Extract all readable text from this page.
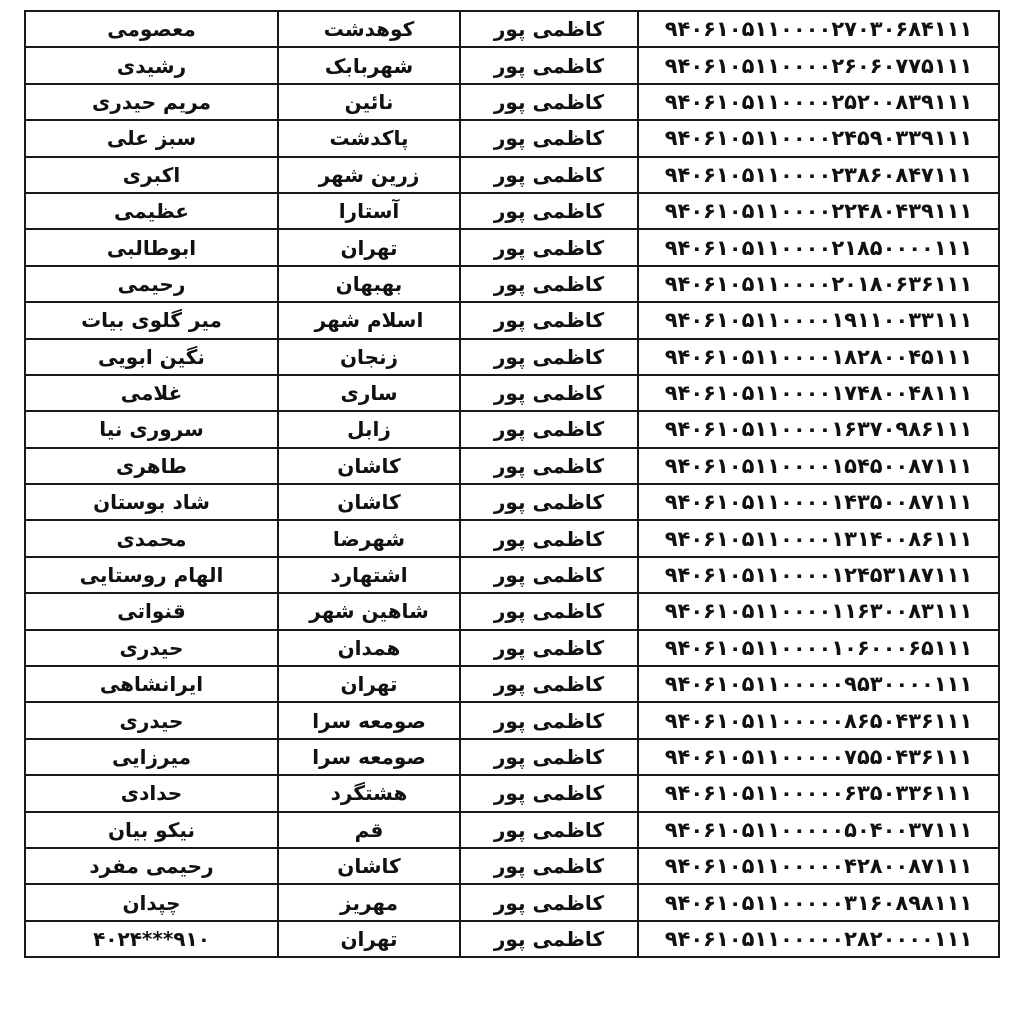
معصومی	کوهدشت	کاظمی پور	۹۴۰۶۱۰۵۱۱۰۰۰۰۲۷۰۳۰۶۸۴۱۱۱
رشیدی	شهربابک	کاظمی پور	۹۴۰۶۱۰۵۱۱۰۰۰۰۲۶۰۶۰۷۷۵۱۱۱
مریم حیدری	نائین	کاظمی پور	۹۴۰۶۱۰۵۱۱۰۰۰۰۲۵۲۰۰۸۳۹۱۱۱
سبز علی	پاکدشت	کاظمی پور	۹۴۰۶۱۰۵۱۱۰۰۰۰۲۴۵۹۰۳۳۹۱۱۱
اکبری	زرین شهر	کاظمی پور	۹۴۰۶۱۰۵۱۱۰۰۰۰۲۳۸۶۰۸۴۷۱۱۱
عظیمی	آستارا	کاظمی پور	۹۴۰۶۱۰۵۱۱۰۰۰۰۲۲۴۸۰۴۳۹۱۱۱
ابوطالبی	تهران	کاظمی پور	۹۴۰۶۱۰۵۱۱۰۰۰۰۲۱۸۵۰۰۰۰۱۱۱
رحیمی	بهبهان	کاظمی پور	۹۴۰۶۱۰۵۱۱۰۰۰۰۲۰۱۸۰۶۳۶۱۱۱
میر گلوی بیات	اسلام شهر	کاظمی پور	۹۴۰۶۱۰۵۱۱۰۰۰۰۱۹۱۱۰۰۳۳۱۱۱
نگین ابویی	زنجان	کاظمی پور	۹۴۰۶۱۰۵۱۱۰۰۰۰۱۸۲۸۰۰۴۵۱۱۱
غلامی	ساری	کاظمی پور	۹۴۰۶۱۰۵۱۱۰۰۰۰۱۷۴۸۰۰۴۸۱۱۱
سروری نیا	زابل	کاظمی پور	۹۴۰۶۱۰۵۱۱۰۰۰۰۱۶۳۷۰۹۸۶۱۱۱
طاهری	کاشان	کاظمی پور	۹۴۰۶۱۰۵۱۱۰۰۰۰۱۵۴۵۰۰۸۷۱۱۱
شاد بوستان	کاشان	کاظمی پور	۹۴۰۶۱۰۵۱۱۰۰۰۰۱۴۳۵۰۰۸۷۱۱۱
محمدی	شهرضا	کاظمی پور	۹۴۰۶۱۰۵۱۱۰۰۰۰۱۳۱۴۰۰۸۶۱۱۱
الهام روستایی	اشتهارد	کاظمی پور	۹۴۰۶۱۰۵۱۱۰۰۰۰۱۲۴۵۳۱۸۷۱۱۱
قنواتی	شاهین شهر	کاظمی پور	۹۴۰۶۱۰۵۱۱۰۰۰۰۱۱۶۳۰۰۸۳۱۱۱
حیدری	همدان	کاظمی پور	۹۴۰۶۱۰۵۱۱۰۰۰۰۱۰۶۰۰۰۶۵۱۱۱
ایرانشاهی	تهران	کاظمی پور	۹۴۰۶۱۰۵۱۱۰۰۰۰۰۹۵۳۰۰۰۰۱۱۱
حیدری	صومعه سرا	کاظمی پور	۹۴۰۶۱۰۵۱۱۰۰۰۰۰۸۶۵۰۴۳۶۱۱۱
میرزایی	صومعه سرا	کاظمی پور	۹۴۰۶۱۰۵۱۱۰۰۰۰۰۷۵۵۰۴۳۶۱۱۱
حدادی	هشتگرد	کاظمی پور	۹۴۰۶۱۰۵۱۱۰۰۰۰۰۶۳۵۰۳۳۶۱۱۱
نیکو بیان	قم	کاظمی پور	۹۴۰۶۱۰۵۱۱۰۰۰۰۰۵۰۴۰۰۳۷۱۱۱
رحیمی مفرد	کاشان	کاظمی پور	۹۴۰۶۱۰۵۱۱۰۰۰۰۰۴۲۸۰۰۸۷۱۱۱
چپدان	مهریز	کاظمی پور	۹۴۰۶۱۰۵۱۱۰۰۰۰۰۳۱۶۰۸۹۸۱۱۱
۹۱۰***۴۰۲۴	تهران	کاظمی پور	۹۴۰۶۱۰۵۱۱۰۰۰۰۰۲۸۲۰۰۰۰۱۱۱
